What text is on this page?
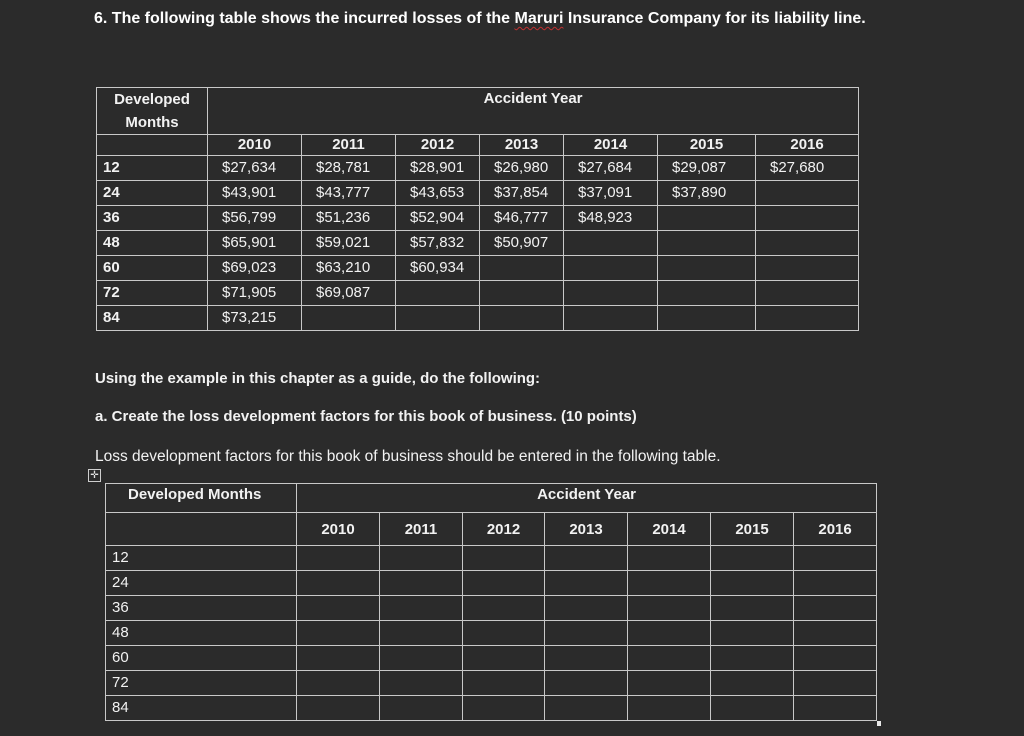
6. The following table shows the incurred losses of the Maruri Insurance Company for its liability line.
Developed
Months	Accident Year						
	2010	2011	2012	2013	2014	2015	2016
12	$27,634	$28,781	$28,901	$26,980	$27,684	$29,087	$27,680
24	$43,901	$43,777	$43,653	$37,854	$37,091	$37,890	
36	$56,799	$51,236	$52,904	$46,777	$48,923		
48	$65,901	$59,021	$57,832	$50,907			
60	$69,023	$63,210	$60,934				
72	$71,905	$69,087					
84	$73,215						

Using the example in this chapter as a guide, do the following:

a. Create the loss development factors for this book of business. (10 points)

Loss development factors for this book of business should be entered in the following table.

✛
Developed Months	Accident Year						
	2010	2011	2012	2013	2014	2015	2016
12							
24							
36							
48							
60							
72							
84							
